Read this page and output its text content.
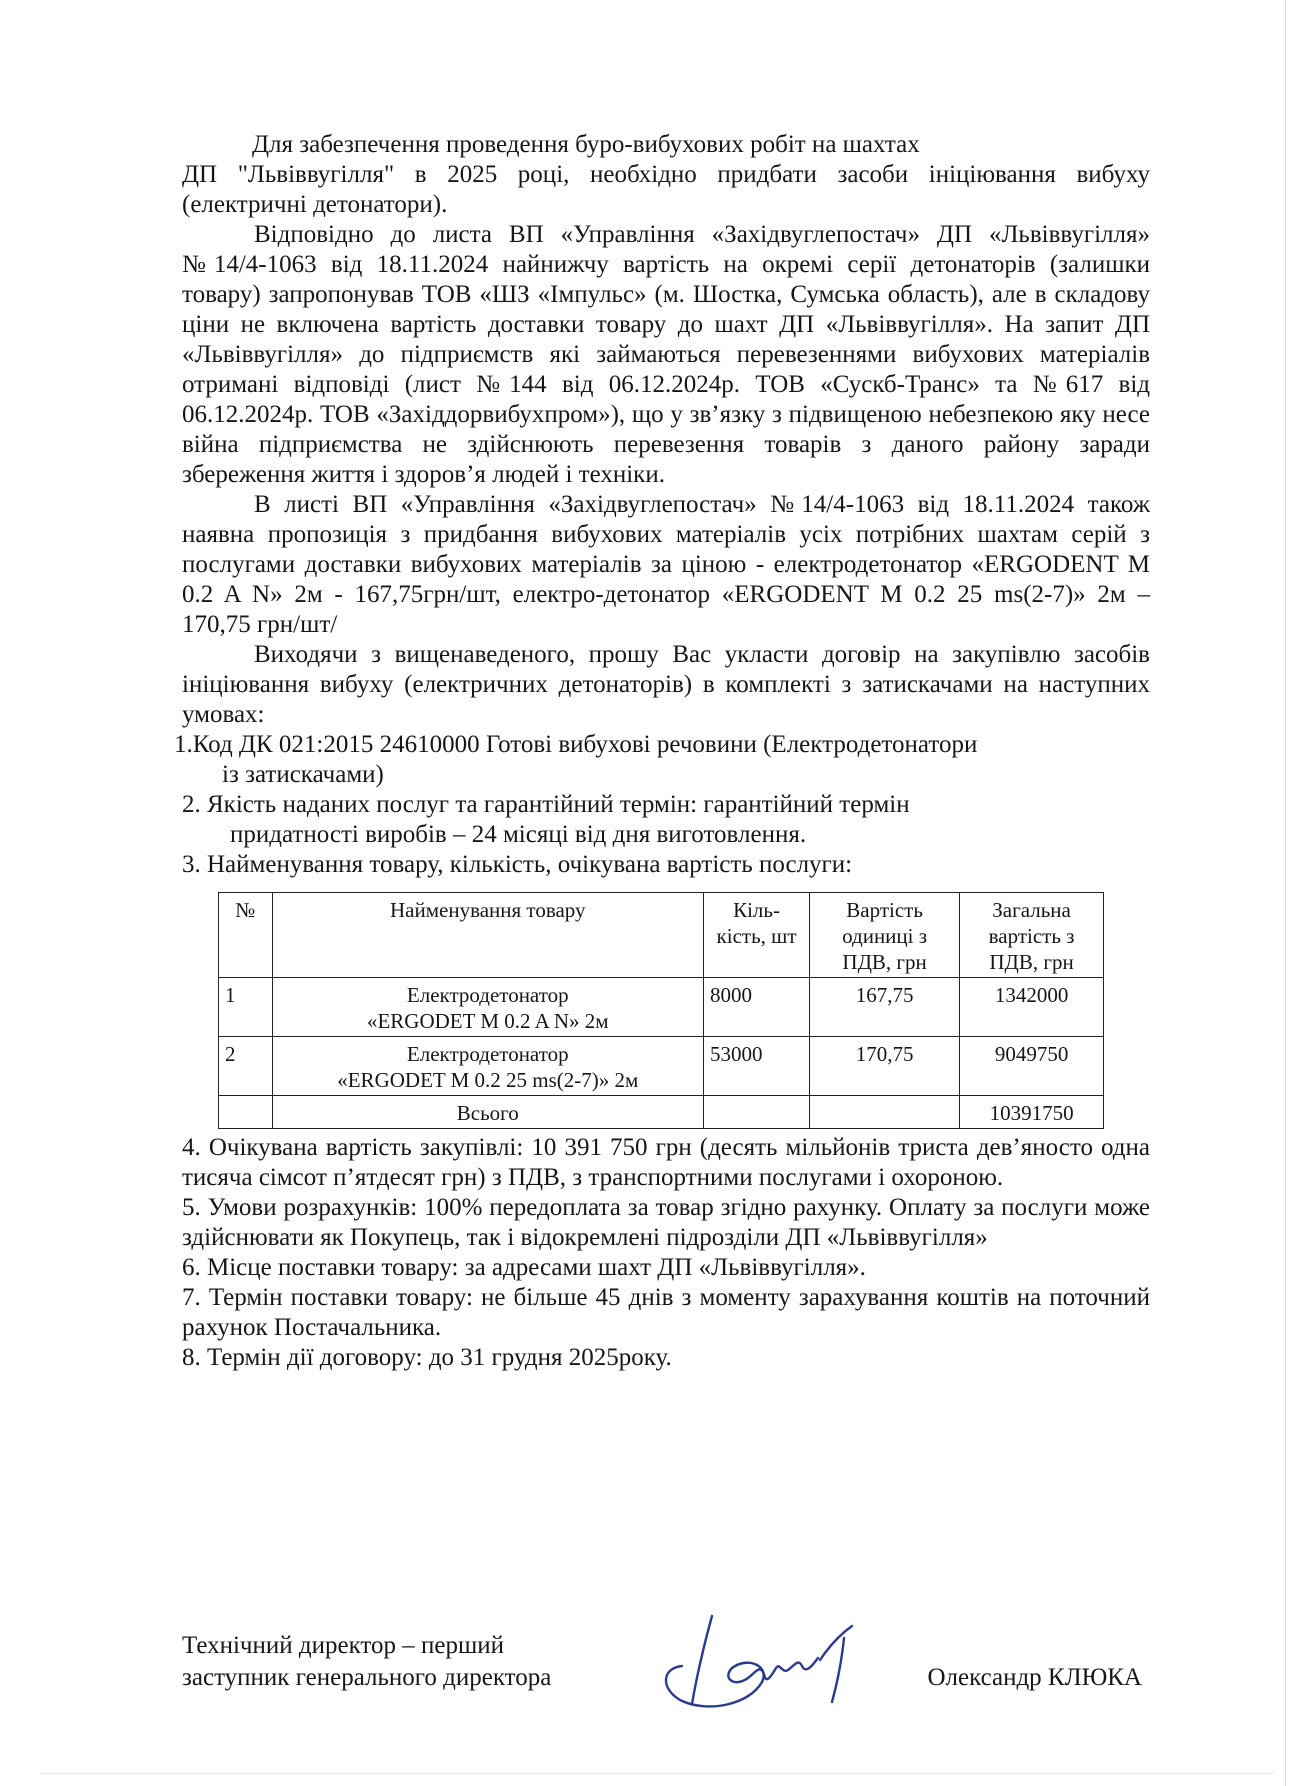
Для забезпечення проведення буро-вибухових робіт на шахтах

ДП "Львіввугілля" в 2025 році, необхідно придбати засоби ініціювання вибуху (електричні детонатори).

Відповідно до листа ВП «Управління «Західвуглепостач» ДП «Львіввугілля» №14/4-1063 від 18.11.2024 найнижчу вартість на окремі серії детонаторів (залишки товару) запропонував ТОВ «ШЗ «Імпульс» (м. Шостка, Сумська область), але в складову ціни не включена вартість доставки товару до шахт ДП «Львіввугілля». На запит ДП «Львіввугілля» до підприємств які займаються перевезеннями вибухових матеріалів отримані відповіді (лист №144 від 06.12.2024р. ТОВ «Сускб-Транс» та №617 від 06.12.2024р. ТОВ «Західдорвибухпром»), що у зв’язку з підвищеною небезпекою яку несе війна підприємства не здійснюють перевезення товарів з даного району заради збереження життя і здоров’я людей і техніки.

В листі ВП «Управління «Західвуглепостач» №14/4-1063 від 18.11.2024 також наявна пропозиція з придбання вибухових матеріалів усіх потрібних шахтам серій з послугами доставки вибухових матеріалів за ціною - електродетонатор «ERGODENT M 0.2 A N» 2м - 167,75грн/шт, електро-детонатор «ERGODENT M 0.2 25 ms(2-7)» 2м – 170,75 грн/шт/

Виходячи з вищенаведеного, прошу Вас укласти договір на закупівлю засобів ініціювання вибуху (електричних детонаторів) в комплекті з затискачами на наступних умовах:

1.Код ДК 021:2015 24610000 Готові вибухові речовини (Електродетонатори
із затискачами)
2. Якість наданих послуг та гарантійний термін: гарантійний термін
придатності виробів – 24 місяці від дня виготовлення.
3. Найменування товару, кількість, очікувана вартість послуги:
№	Найменування товару	Кіль-кість, шт	Вартість одиниці з ПДВ, грн	Загальна вартість з ПДВ, грн
1	Електродетонатор
«ERGODET M 0.2 A N» 2м	8000	167,75	1342000
2	Електродетонатор
«ERGODET M 0.2 25 ms(2-7)» 2м	53000	170,75	9049750
	Всього			10391750

4. Очікувана вартість закупівлі: 10 391 750 грн (десять мільйонів триста дев’яносто одна тисяча сімсот п’ятдесят грн) з ПДВ, з транспортними послугами і охороною.

5. Умови розрахунків: 100% передоплата за товар згідно рахунку. Оплату за послуги може здійснювати як Покупець, так і відокремлені підрозділи ДП «Львіввугілля»

6. Місце поставки товару: за адресами шахт ДП «Львіввугілля».

7. Термін поставки товару: не більше 45 днів з моменту зарахування коштів на поточний рахунок Постачальника.

8. Термін дії договору: до 31 грудня 2025року.

Технічний директор – перший
заступник генерального директора	Олександр КЛЮКА
